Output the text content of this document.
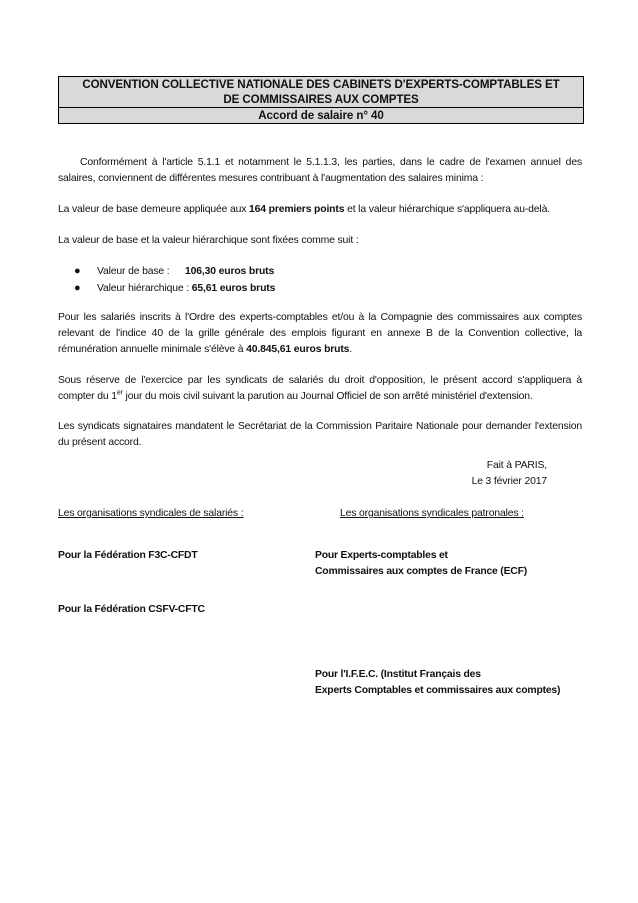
CONVENTION COLLECTIVE NATIONALE DES CABINETS D'EXPERTS-COMPTABLES ET
DE COMMISSAIRES AUX COMPTES
Accord de salaire n° 40
Conformément à l'article 5.1.1 et notamment le 5.1.1.3, les parties, dans le cadre de l'examen annuel des salaires, conviennent de différentes mesures contribuant à l'augmentation des salaires minima :
La valeur de base demeure appliquée aux 164 premiers points et la valeur hiérarchique s'appliquera au-delà.
La valeur de base et la valeur hiérarchique sont fixées comme suit :
● Valeur de base : 106,30 euros bruts
● Valeur hiérarchique : 65,61 euros bruts
Pour les salariés inscrits à l'Ordre des experts-comptables et/ou à la Compagnie des commissaires aux comptes relevant de l'indice 40 de la grille générale des emplois figurant en annexe B de la Convention collective, la rémunération annuelle minimale s'élève à 40.845,61 euros bruts.
Sous réserve de l'exercice par les syndicats de salariés du droit d'opposition, le présent accord s'appliquera à compter du 1er jour du mois civil suivant la parution au Journal Officiel de son arrêté ministériel d'extension.
Les syndicats signataires mandatent le Secrétariat de la Commission Paritaire Nationale pour demander l'extension du présent accord.
Fait à PARIS,
Le 3 février 2017
Les organisations syndicales de salariés :	Les organisations syndicales patronales :
Pour la Fédération F3C-CFDT	Pour Experts-comptables et
Commissaires aux comptes de France (ECF)
Pour la Fédération CSFV-CFTC
Pour l'I.F.E.C. (Institut Français des
Experts Comptables et commissaires aux comptes)
